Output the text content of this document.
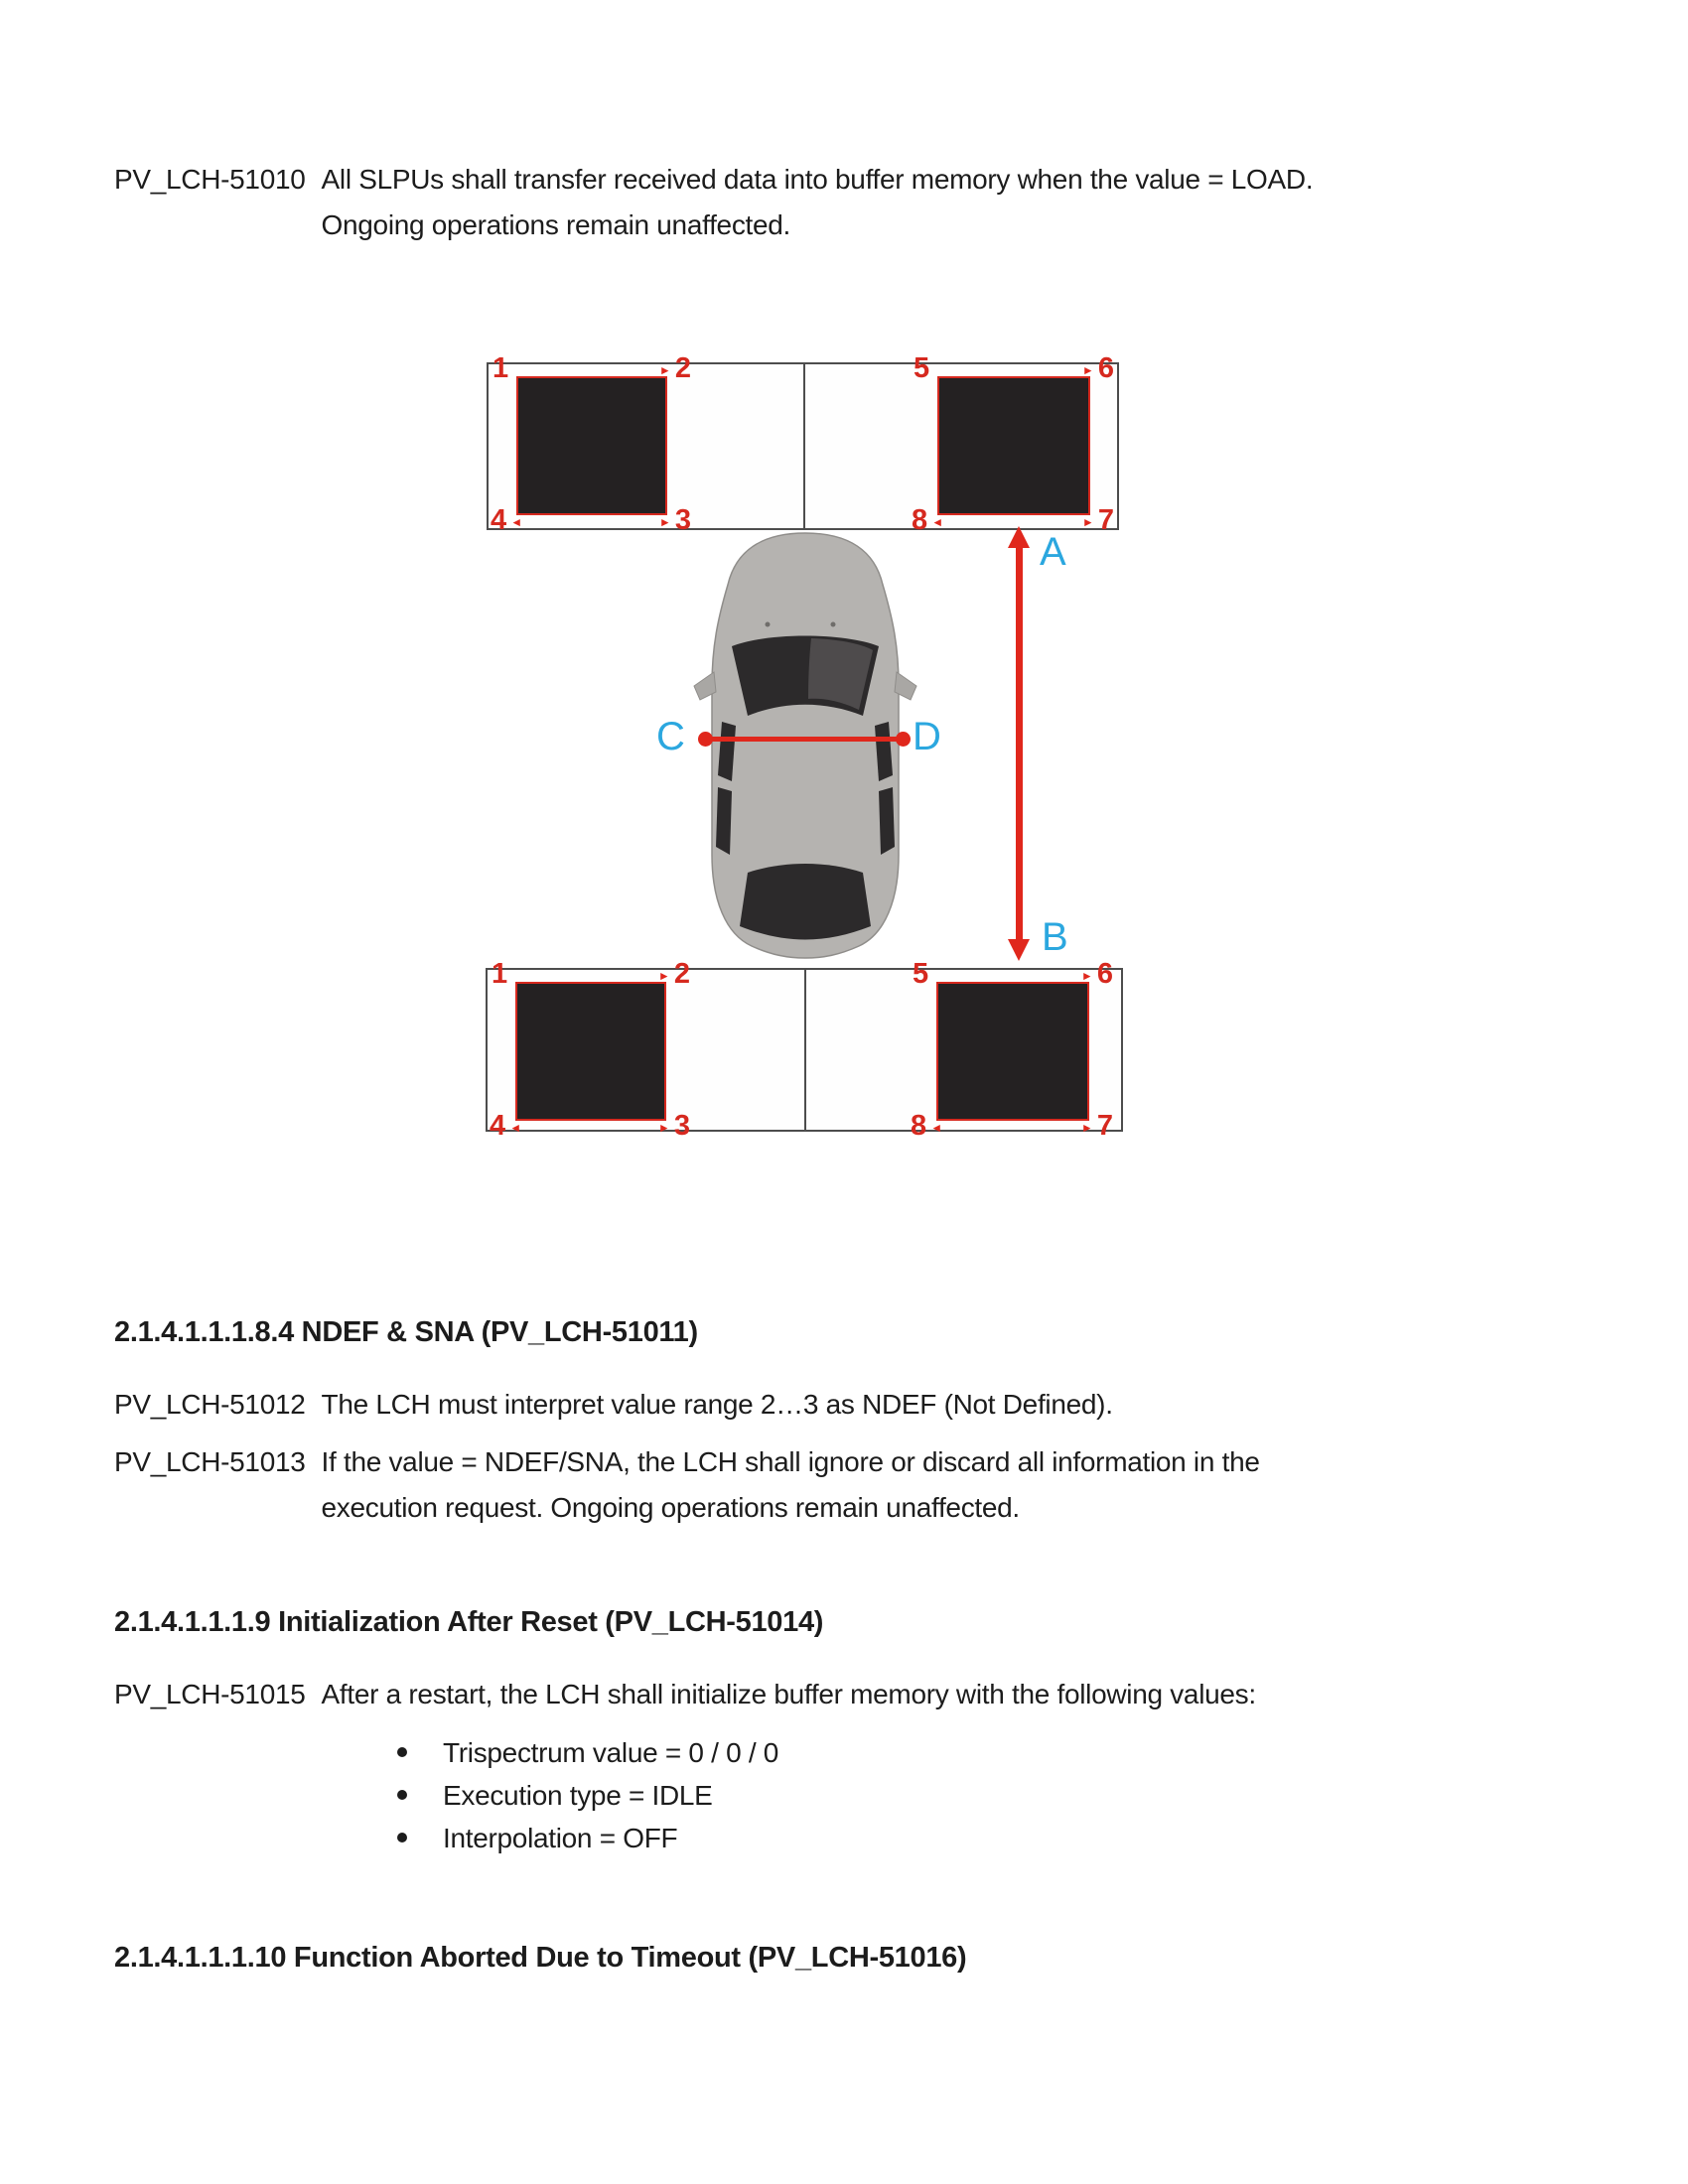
PV_LCH-51010 All SLPUs shall transfer received data into buffer memory when the value = LOAD.
Ongoing operations remain unaffected.
1	► 2
► 3
4 ◄
5	► 6
► 7
8 ◄
1	► 2
► 3
4 ◄
5	► 6
► 7
8 ◄
A
B
C	D
2.1.4.1.1.1.8.4 NDEF & SNA (PV_LCH-51011)
PV_LCH-51012 The LCH must interpret value range 2…3 as NDEF (Not Defined).
PV_LCH-51013 If the value = NDEF/SNA, the LCH shall ignore or discard all information in the
execution request. Ongoing operations remain unaffected.
2.1.4.1.1.1.9 Initialization After Reset (PV_LCH-51014)
PV_LCH-51015 After a restart, the LCH shall initialize buffer memory with the following values:
Trispectrum value = 0 / 0 / 0
Execution type = IDLE
Interpolation = OFF
2.1.4.1.1.1.10 Function Aborted Due to Timeout (PV_LCH-51016)
